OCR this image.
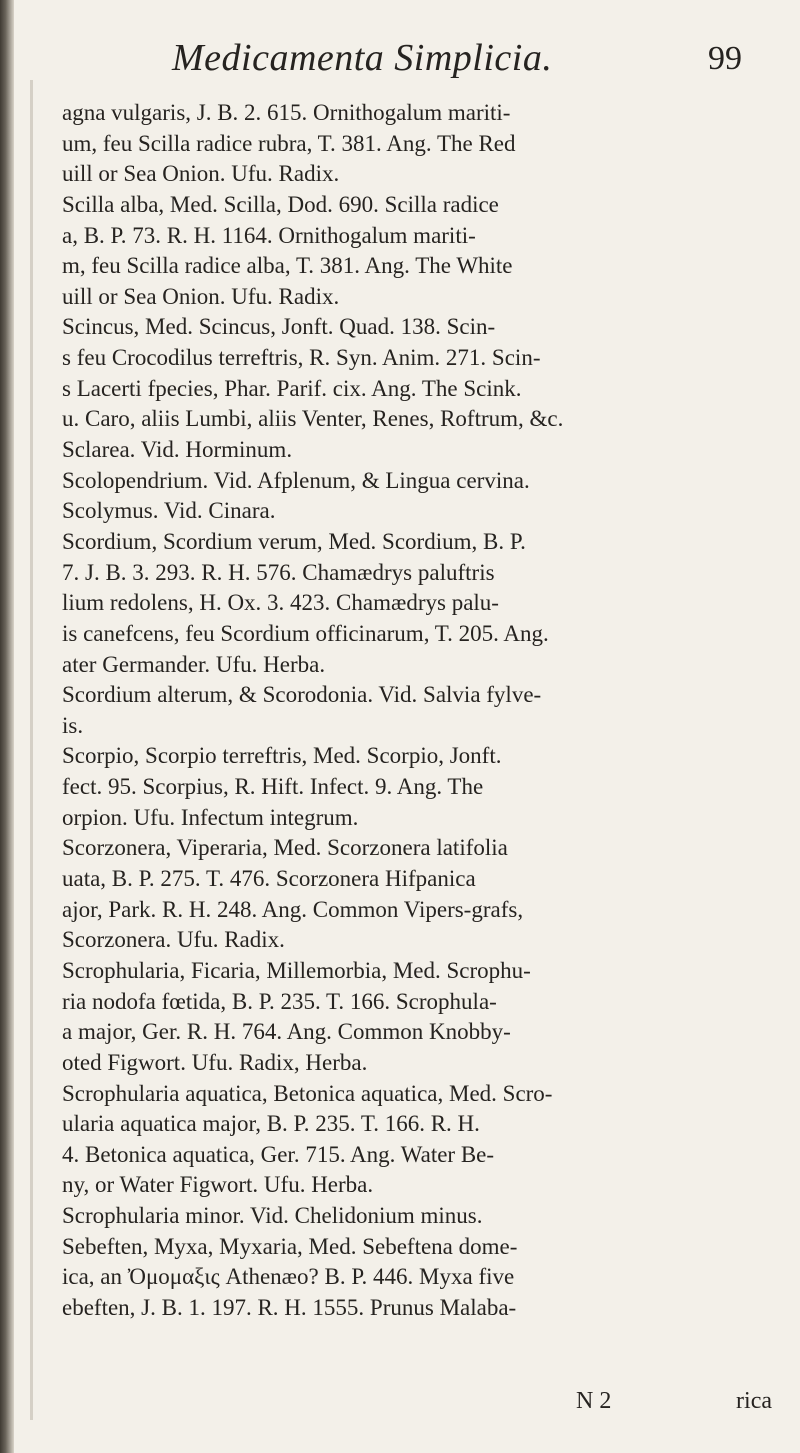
Medicamenta Simplicia.	99
agna vulgaris, J. B. 2. 615. Ornithogalum mariti-
um, feu Scilla radice rubra, T. 381. Ang. The Red
uill or Sea Onion. Ufu. Radix.
Scilla alba, Med. Scilla, Dod. 690. Scilla radice
a, B. P. 73. R. H. 1164. Ornithogalum mariti-
m, feu Scilla radice alba, T. 381. Ang. The White
uill or Sea Onion. Ufu. Radix.
Scincus, Med. Scincus, Jonft. Quad. 138. Scin-
s feu Crocodilus terreftris, R. Syn. Anim. 271. Scin-
s Lacerti fpecies, Phar. Parif. cix. Ang. The Scink.
u. Caro, aliis Lumbi, aliis Venter, Renes, Roftrum, &c.
Sclarea. Vid. Horminum.
Scolopendrium. Vid. Afplenum, & Lingua cervina.
Scolymus. Vid. Cinara.
Scordium, Scordium verum, Med. Scordium, B. P.
7. J. B. 3. 293. R. H. 576. Chamædrys paluftris
lium redolens, H. Ox. 3. 423. Chamædrys palu-
is canefcens, feu Scordium officinarum, T. 205. Ang.
ater Germander. Ufu. Herba.
Scordium alterum, & Scorodonia. Vid. Salvia fylve-
is.
Scorpio, Scorpio terreftris, Med. Scorpio, Jonft.
fect. 95. Scorpius, R. Hift. Infect. 9. Ang. The
orpion. Ufu. Infectum integrum.
Scorzonera, Viperaria, Med. Scorzonera latifolia
uata, B. P. 275. T. 476. Scorzonera Hifpanica
ajor, Park. R. H. 248. Ang. Common Vipers-grafs,
Scorzonera. Ufu. Radix.
Scrophularia, Ficaria, Millemorbia, Med. Scrophu-
ria nodofa fœtida, B. P. 235. T. 166. Scrophula-
a major, Ger. R. H. 764. Ang. Common Knobby-
oted Figwort. Ufu. Radix, Herba.
Scrophularia aquatica, Betonica aquatica, Med. Scro-
ularia aquatica major, B. P. 235. T. 166. R. H.
4. Betonica aquatica, Ger. 715. Ang. Water Be-
ny, or Water Figwort. Ufu. Herba.
Scrophularia minor. Vid. Chelidonium minus.
Sebeften, Myxa, Myxaria, Med. Sebeftena dome-
ica, an Ὀμομαξις Athenæo? B. P. 446. Myxa five
ebeften, J. B. 1. 197. R. H. 1555. Prunus Malaba-
N 2	rica
